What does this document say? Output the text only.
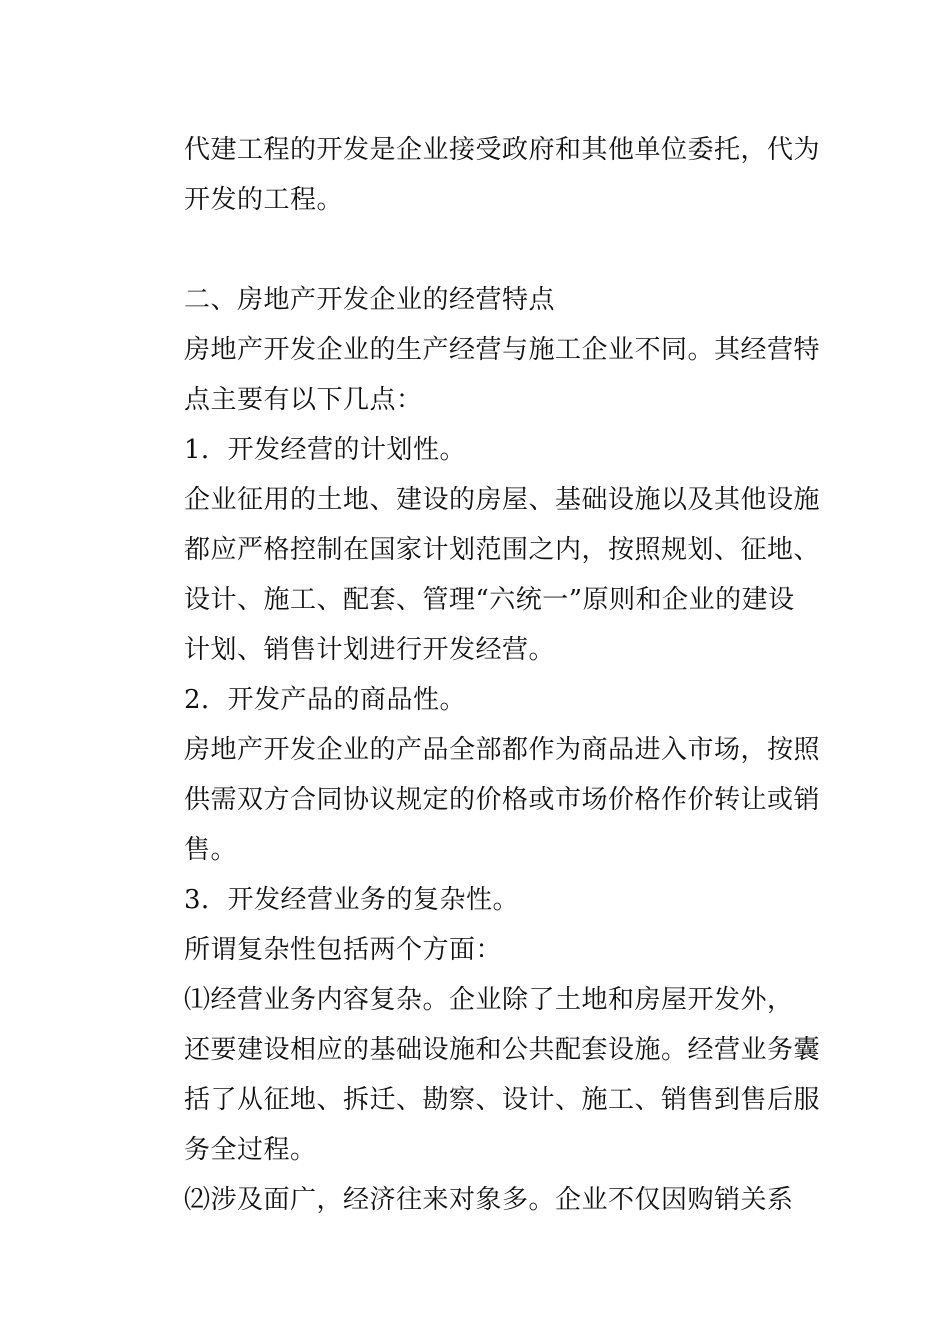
代建工程的开发是企业接受政府和其他单位委托，代为
开发的工程。
二、房地产开发企业的经营特点
房地产开发企业的生产经营与施工企业不同。其经营特
点主要有以下几点：
1．开发经营的计划性。
企业征用的土地、建设的房屋、基础设施以及其他设施
都应严格控制在国家计划范围之内，按照规划、征地、
设计、施工、配套、管理“六统一”原则和企业的建设
计划、销售计划进行开发经营。
2．开发产品的商品性。
房地产开发企业的产品全部都作为商品进入市场，按照
供需双方合同协议规定的价格或市场价格作价转让或销
售。
3．开发经营业务的复杂性。
所谓复杂性包括两个方面：
⑴经营业务内容复杂。企业除了土地和房屋开发外，
还要建设相应的基础设施和公共配套设施。经营业务囊
括了从征地、拆迁、勘察、设计、施工、销售到售后服
务全过程。
⑵涉及面广，经济往来对象多。企业不仅因购销关系
